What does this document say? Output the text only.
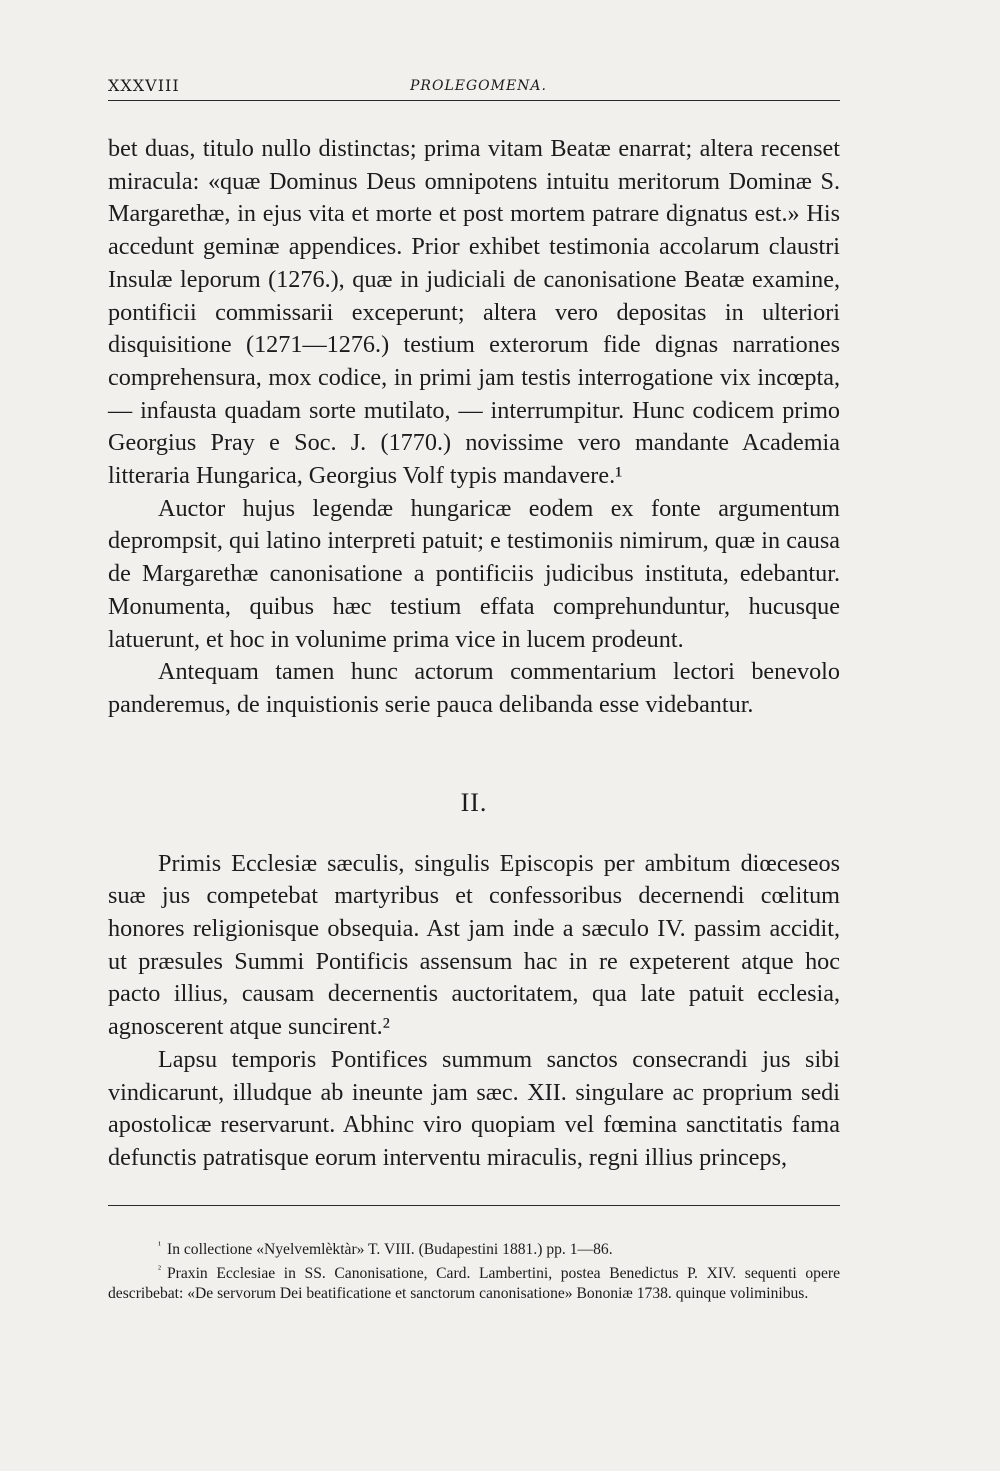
XXXVIII	PROLEGOMENA.

bet duas, titulo nullo distinctas; prima vitam Beatæ enarrat; altera recenset miracula: «quæ Dominus Deus omnipotens intuitu meritorum Dominæ S. Margarethæ, in ejus vita et morte et post mortem patrare dignatus est.» His accedunt geminæ appendices. Prior exhibet testimonia accolarum claustri Insulæ leporum (1276.), quæ in judiciali de canonisatione Beatæ examine, pontificii commissarii exceperunt; altera vero depositas in ulteriori disquisitione (1271—1276.) testium exterorum fide dignas narrationes comprehensura, mox codice, in primi jam testis interrogatione vix incœpta, — infausta quadam sorte mutilato, — interrumpitur. Hunc codicem primo Georgius Pray e Soc. J. (1770.) novissime vero mandante Academia litteraria Hungarica, Georgius Volf typis mandavere.¹

Auctor hujus legendæ hungaricæ eodem ex fonte argumentum deprompsit, qui latino interpreti patuit; e testimoniis nimirum, quæ in causa de Margarethæ canonisatione a pontificiis judicibus instituta, edebantur. Monumenta, quibus hæc testium effata comprehunduntur, hucusque latuerunt, et hoc in volunime prima vice in lucem prodeunt.

Antequam tamen hunc actorum commentarium lectori benevolo panderemus, de inquistionis serie pauca delibanda esse videbantur.

II.

Primis Ecclesiæ sæculis, singulis Episcopis per ambitum diœceseos suæ jus competebat martyribus et confessoribus decernendi cœlitum honores religionisque obsequia. Ast jam inde a sæculo IV. passim accidit, ut præsules Summi Pontificis assensum hac in re expeterent atque hoc pacto illius, causam decernentis auctoritatem, qua late patuit ecclesia, agnoscerent atque suncirent.²

Lapsu temporis Pontifices summum sanctos consecrandi jus sibi vindicarunt, illudque ab ineunte jam sæc. XII. singulare ac proprium sedi apostolicæ reservarunt. Abhinc viro quopiam vel fœmina sanctitatis fama defunctis patratisque eorum interventu miraculis, regni illius princeps,

$^{^1}$ In collectione «Nyelvemlèktàr» T. VIII. (Budapestini 1881.) pp. 1—86.

$^{^2}$ Praxin Ecclesiae in SS. Canonisatione, Card. Lambertini, postea Benedictus P. XIV. sequenti opere describebat: «De servorum Dei beatificatione et sanctorum canonisatione» Bononiæ 1738. quinque voliminibus.
